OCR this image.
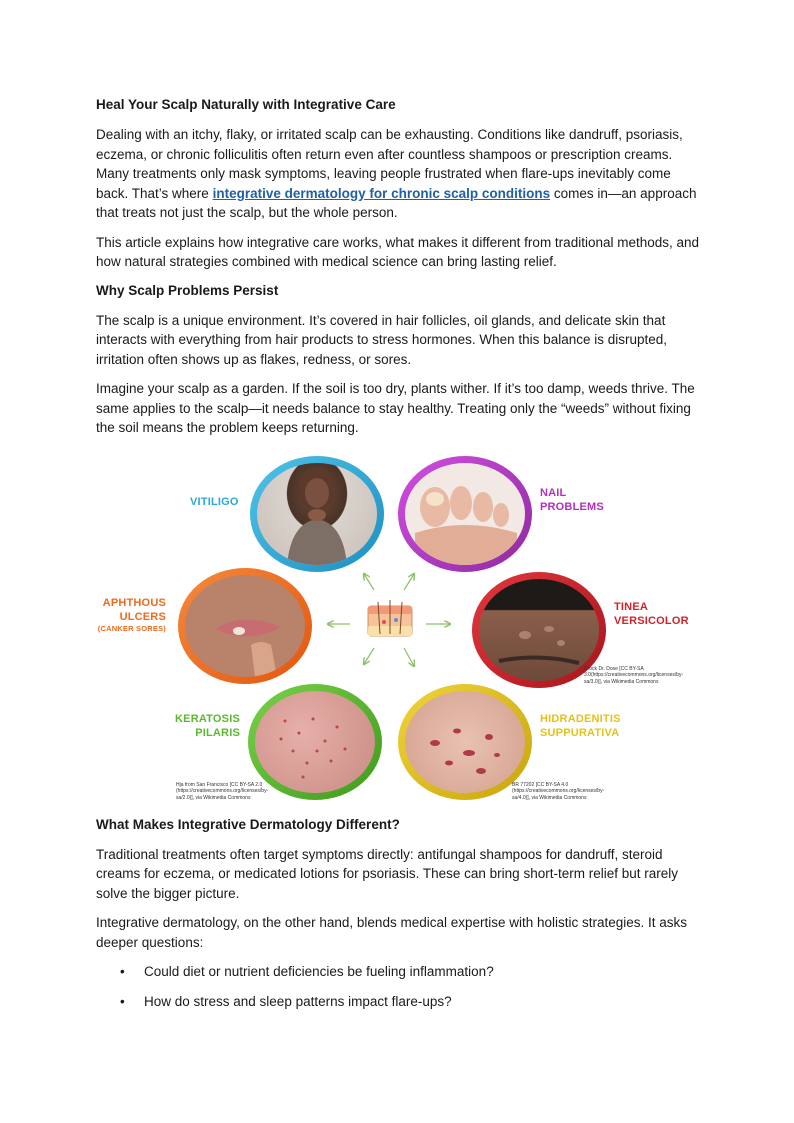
Heal Your Scalp Naturally with Integrative Care

Dealing with an itchy, flaky, or irritated scalp can be exhausting. Conditions like dandruff, psoriasis, eczema, or chronic folliculitis often return even after countless shampoos or prescription creams. Many treatments only mask symptoms, leaving people frustrated when flare-ups inevitably come back. That’s where integrative dermatology for chronic scalp conditions comes in—an approach that treats not just the scalp, but the whole person.

This article explains how integrative care works, what makes it different from traditional methods, and how natural strategies combined with medical science can bring lasting relief.

Why Scalp Problems Persist

The scalp is a unique environment. It’s covered in hair follicles, oil glands, and delicate skin that interacts with everything from hair products to stress hormones. When this balance is disrupted, irritation often shows up as flakes, redness, or sores.

Imagine your scalp as a garden. If the soil is too dry, plants wither. If it’s too damp, weeds thrive. The same applies to the scalp—it needs balance to stay healthy. Treating only the “weeds” without fixing the soil means the problem keeps returning.

VITILIGO
NAIL
PROBLEMS
APHTHOUS
ULCERS
(CANKER SORES)
TINEA
VERSICOLOR
KERATOSIS
PILARIS
HIDRADENITIS
SUPPURATIVA
Crock Dr. Dose [CC BY-SA 3.0(https://creativecommons.org/licenses/by-sa/3.0)], via Wikimedia Commons
Hja from San Francisco [CC BY-SA 2.0 (https://creativecommons.org/licenses/by-sa/2.0)], via Wikimedia Commons
BR 77202 [CC BY-SA 4.0 (https://creativecommons.org/licenses/by-sa/4.0)], via Wikimedia Commons
What Makes Integrative Dermatology Different?

Traditional treatments often target symptoms directly: antifungal shampoos for dandruff, steroid creams for eczema, or medicated lotions for psoriasis. These can bring short-term relief but rarely solve the bigger picture.

Integrative dermatology, on the other hand, blends medical expertise with holistic strategies. It asks deeper questions:

• Could diet or nutrient deficiencies be fueling inflammation?
• How do stress and sleep patterns impact flare-ups?
